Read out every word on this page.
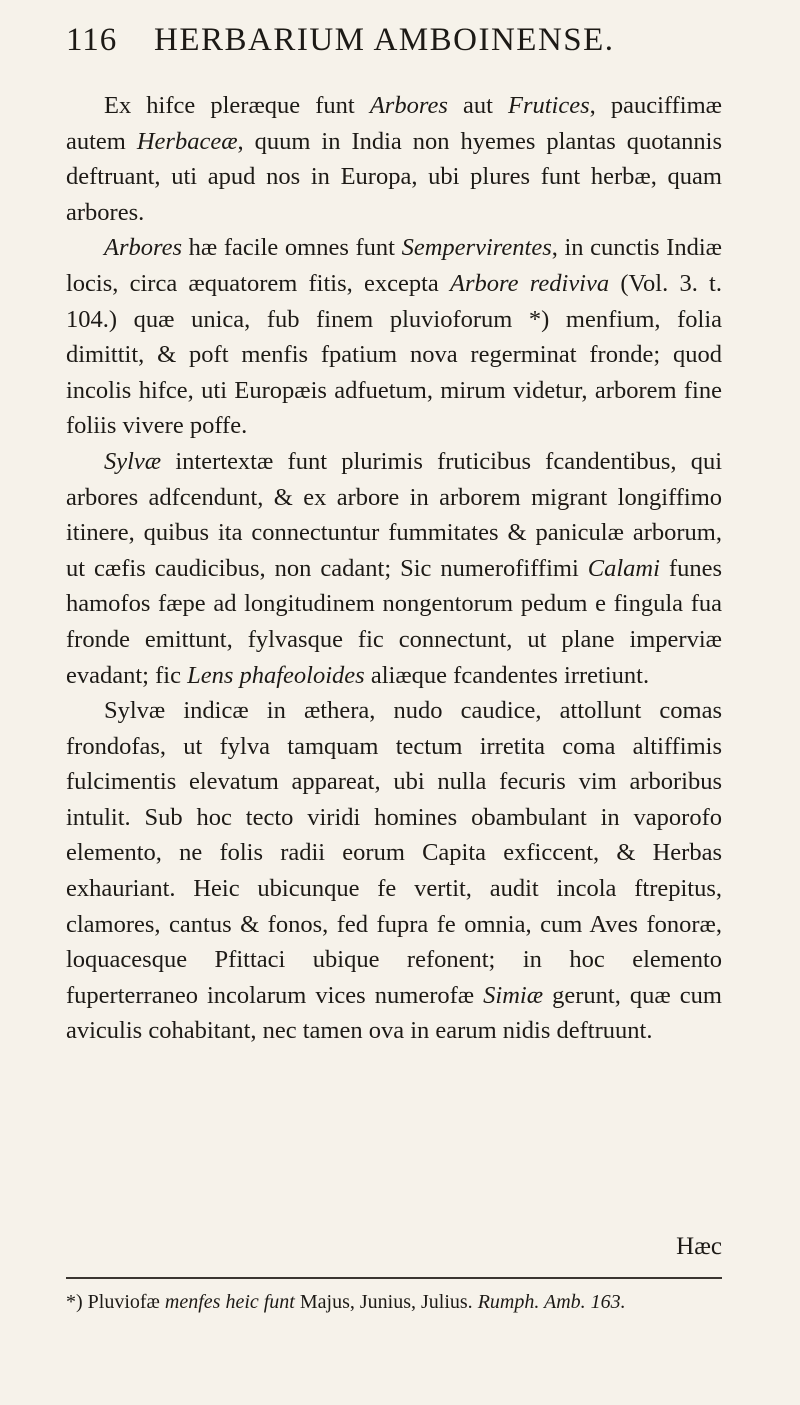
116 HERBARIUM AMBOINENSE.

Ex hifce pleræque funt Arbores aut Frutices, pauciffimæ autem Herbaceæ, quum in India non hyemes plantas quotannis deftruant, uti apud nos in Europa, ubi plures funt herbæ, quam arbores.

Arbores hæ facile omnes funt Sempervirentes, in cunctis Indiæ locis, circa æquatorem fitis, excepta Arbore rediviva (Vol. 3. t. 104.) quæ unica, fub finem pluvioforum *) menfium, folia dimittit, & poft menfis fpatium nova regerminat fronde; quod incolis hifce, uti Europæis adfuetum, mirum videtur, arborem fine foliis vivere poffe.

Sylvæ intertextæ funt plurimis fruticibus fcandentibus, qui arbores adfcendunt, & ex arbore in arborem migrant longiffimo itinere, quibus ita connectuntur fummitates & paniculæ arborum, ut cæfis caudicibus, non cadant; Sic numerofiffimi Calami funes hamofos fæpe ad longitudinem nongentorum pedum e fingula fua fronde emittunt, fylvasque fic connectunt, ut plane imperviæ evadant; fic Lens phafeoloides aliæque fcandentes irretiunt.

Sylvæ indicæ in æthera, nudo caudice, attollunt comas frondofas, ut fylva tamquam tectum irretita coma altiffimis fulcimentis elevatum appareat, ubi nulla fecuris vim arboribus intulit. Sub hoc tecto viridi homines obambulant in vaporofo elemento, ne folis radii eorum Capita exficcent, & Herbas exhauriant. Heic ubicunque fe vertit, audit incola ftrepitus, clamores, cantus & fonos, fed fupra fe omnia, cum Aves fonoræ, loquacesque Pfittaci ubique refonent; in hoc elemento fuperterraneo incolarum vices numerofæ Simiæ gerunt, quæ cum aviculis cohabitant, nec tamen ova in earum nidis deftruunt.

Hæc
*) Pluviofæ menfes heic funt Majus, Junius, Julius. Rumph. Amb. 163.
